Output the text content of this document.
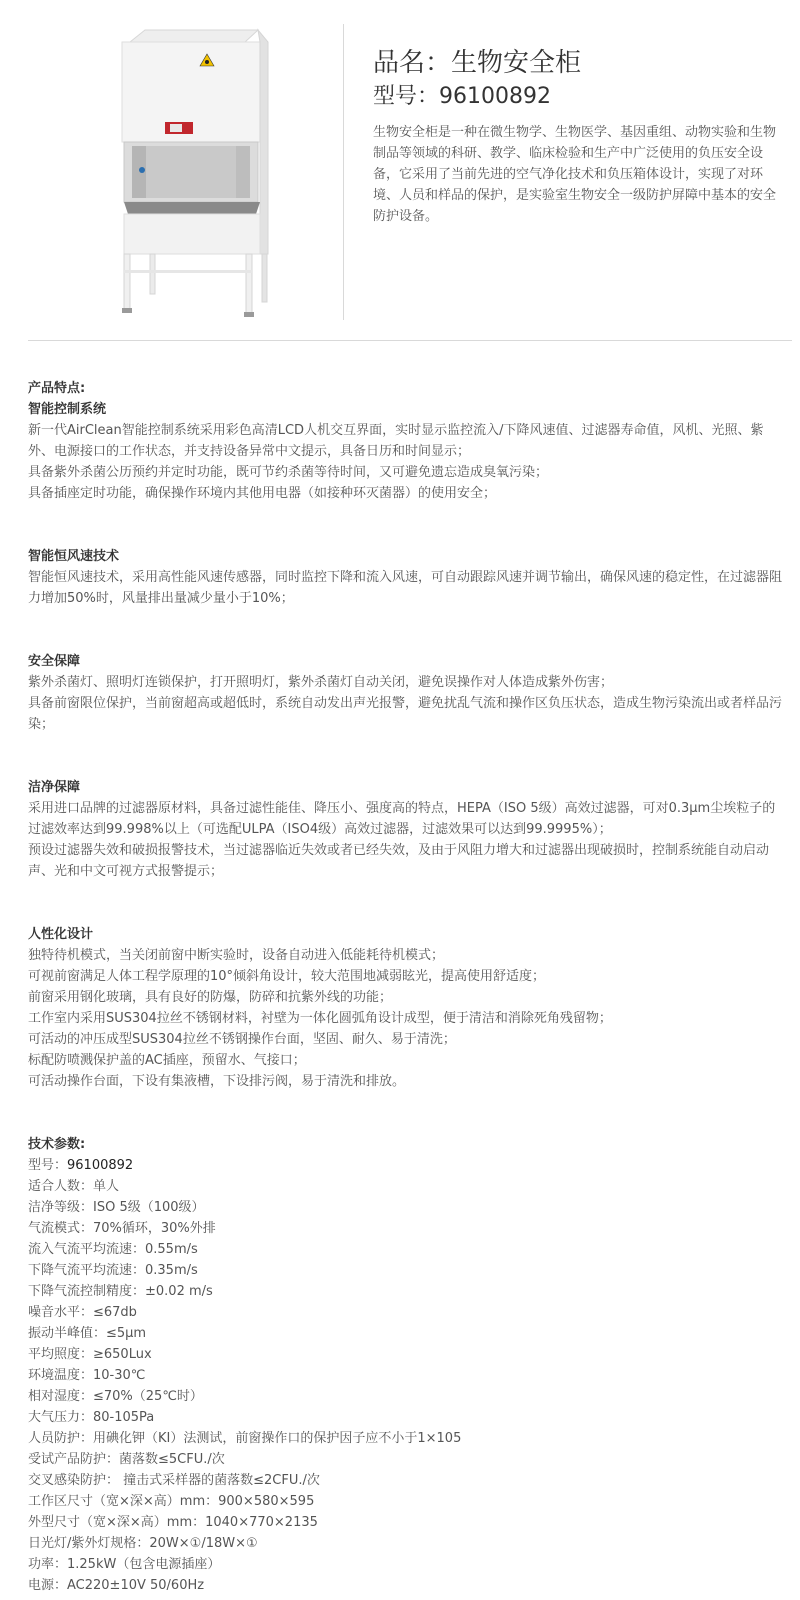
品名：生物安全柜
型号：96100892
生物安全柜是一种在微生物学、生物医学、基因重组、动物实验和生物制品等领域的科研、教学、临床检验和生产中广泛使用的负压安全设备，它采用了当前先进的空气净化技术和负压箱体设计，实现了对环境、人员和样品的保护，是实验室生物安全一级防护屏障中基本的安全防护设备。
产品特点:
智能控制系统
新一代AirClean智能控制系统采用彩色高清LCD人机交互界面，实时显示监控流入/下降风速值、过滤器寿命值，风机、光照、紫外、电源接口的工作状态，并支持设备异常中文提示，具备日历和时间显示；
具备紫外杀菌公历预约并定时功能，既可节约杀菌等待时间，又可避免遗忘造成臭氧污染；
具备插座定时功能，确保操作环境内其他用电器（如接种环灭菌器）的使用安全；
智能恒风速技术
智能恒风速技术，采用高性能风速传感器，同时监控下降和流入风速，可自动跟踪风速并调节输出，确保风速的稳定性，在过滤器阻力增加50%时，风量排出量减少量小于10%；
安全保障
紫外杀菌灯、照明灯连锁保护，打开照明灯，紫外杀菌灯自动关闭，避免误操作对人体造成紫外伤害；
具备前窗限位保护，当前窗超高或超低时，系统自动发出声光报警，避免扰乱气流和操作区负压状态，造成生物污染流出或者样品污染；
洁净保障
采用进口品牌的过滤器原材料，具备过滤性能佳、降压小、强度高的特点，HEPA（ISO 5级）高效过滤器，可对0.3μm尘埃粒子的过滤效率达到99.998%以上（可选配ULPA（ISO4级）高效过滤器，过滤效果可以达到99.9995%）；
预设过滤器失效和破损报警技术，当过滤器临近失效或者已经失效，及由于风阻力增大和过滤器出现破损时，控制系统能自动启动声、光和中文可视方式报警提示；
人性化设计
独特待机模式，当关闭前窗中断实验时，设备自动进入低能耗待机模式；
可视前窗满足人体工程学原理的10°倾斜角设计，较大范围地减弱眩光，提高使用舒适度；
前窗采用钢化玻璃，具有良好的防爆，防碎和抗紫外线的功能；
工作室内采用SUS304拉丝不锈钢材料，衬壁为一体化圆弧角设计成型，便于清洁和消除死角残留物；
可活动的冲压成型SUS304拉丝不锈钢操作台面，坚固、耐久、易于清洗；
标配防喷溅保护盖的AC插座，预留水、气接口；
可活动操作台面，下设有集液槽，下设排污阀，易于清洗和排放。
技术参数:
型号：96100892
适合人数：单人
洁净等级：ISO 5级（100级）
气流模式：70%循环，30%外排
流入气流平均流速：0.55m/s
下降气流平均流速：0.35m/s
下降气流控制精度：±0.02 m/s
噪音水平：≤67db
振动半峰值：≤5μm
平均照度：≥650Lux
环境温度：10-30℃
相对湿度：≤70%（25℃时）
大气压力：80-105Pa
人员防护：用碘化钾（KI）法测试，前窗操作口的保护因子应不小于1×105
受试产品防护：菌落数≤5CFU./次
交叉感染防护： 撞击式采样器的菌落数≤2CFU./次
工作区尺寸（宽×深×高）mm：900×580×595
外型尺寸（宽×深×高）mm：1040×770×2135
日光灯/紫外灯规格：20W×①/18W×①
功率：1.25kW（包含电源插座）
电源：AC220±10V 50/60Hz
